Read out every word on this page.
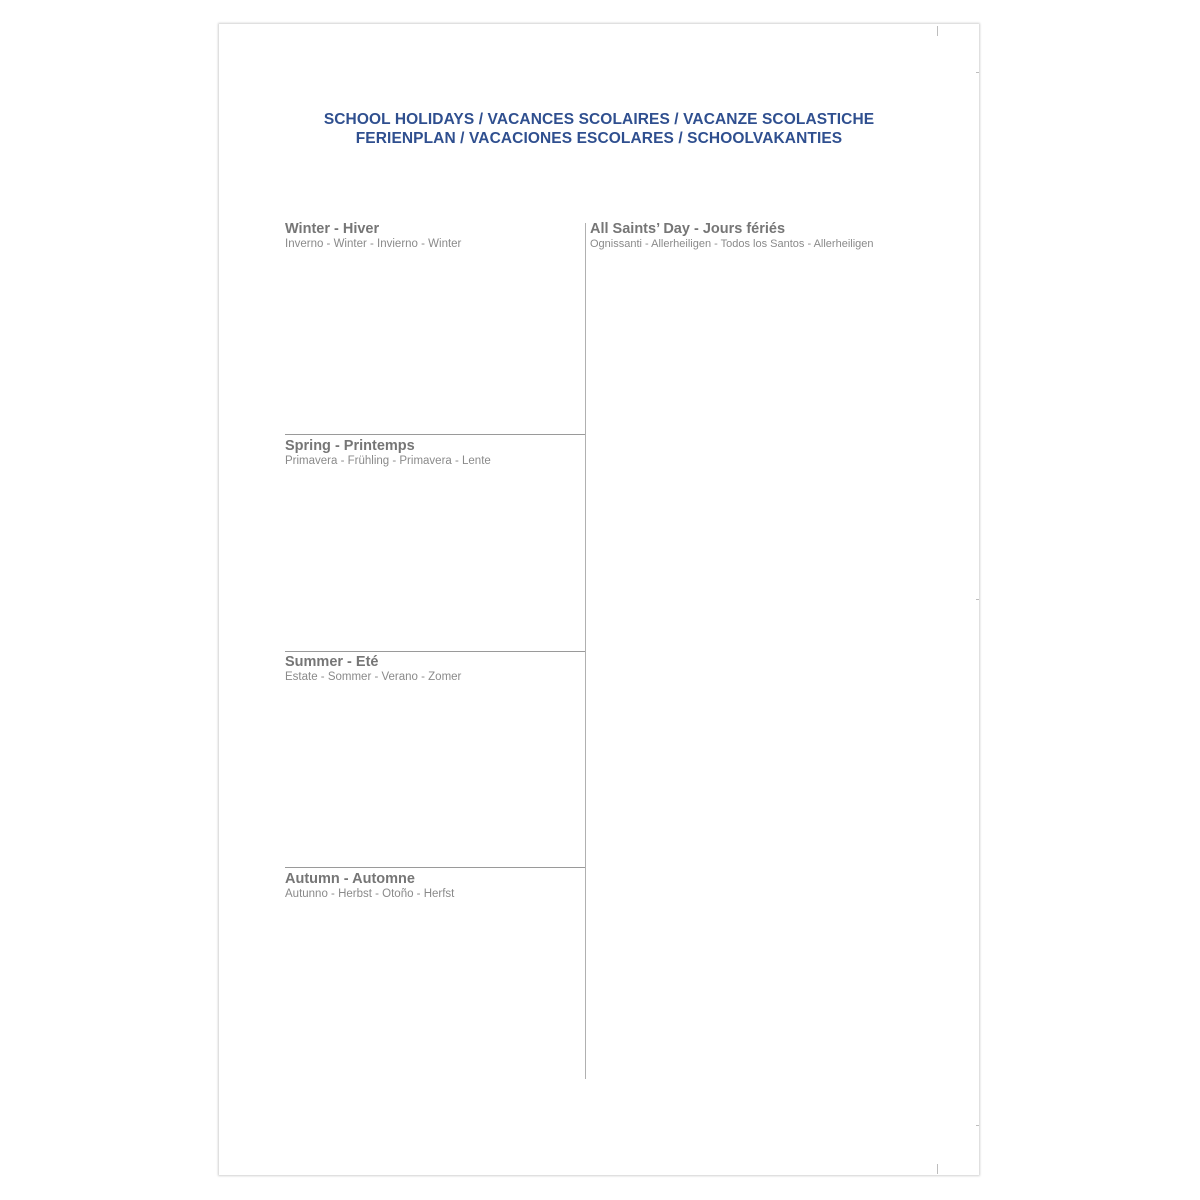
SCHOOL HOLIDAYS / VACANCES SCOLAIRES / VACANZE SCOLASTICHE
FERIENPLAN / VACACIONES ESCOLARES / SCHOOLVAKANTIES
Winter - Hiver
Inverno - Winter - Invierno - Winter
Spring - Printemps
Primavera - Frühling - Primavera - Lente
Summer - Eté
Estate - Sommer - Verano - Zomer
Autumn - Automne
Autunno - Herbst - Otoño - Herfst
All Saints’ Day - Jours fériés
Ognissanti - Allerheiligen - Todos los Santos - Allerheiligen
